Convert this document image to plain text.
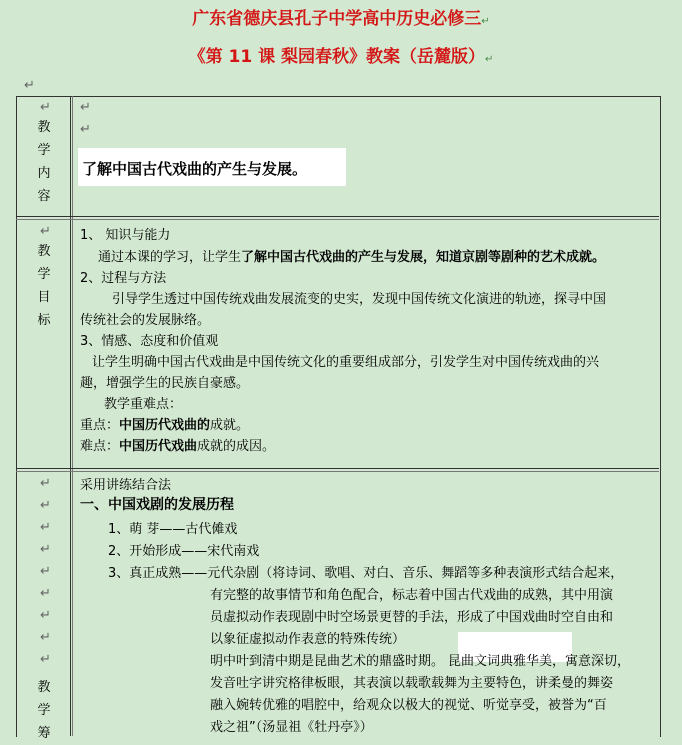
广东省德庆县孔子中学高中历史必修三↵
《第 11 课 梨园春秋》教案（岳麓版）↵
↵
↵ ↵
教
学
内
容
↵
了解中国古代戏曲的产生与发展。
↵
教
学
目
标
1、 知识与能力
通过本课的学习，让学生了解中国古代戏曲的产生与发展，知道京剧等剧种的艺术成就。
2、过程与方法
引导学生透过中国传统戏曲发展流变的史实，发现中国传统文化演进的轨迹，探寻中国
传统社会的发展脉络。
3、情感、态度和价值观
让学生明确中国古代戏曲是中国传统文化的重要组成部分，引发学生对中国传统戏曲的兴
趣，增强学生的民族自豪感。
教学重难点：
重点：中国历代戏曲的成就。
难点：中国历代戏曲成就的成因。
↵
↵
↵
↵
↵
↵
↵
↵
↵
教
学
筹
采用讲练结合法
一、中国戏剧的发展历程
1、萌 芽——古代傩戏
2、开始形成——宋代南戏
3、真正成熟——元代杂剧（将诗词、歌唱、对白、音乐、舞蹈等多种表演形式结合起来，
有完整的故事情节和角色配合，标志着中国古代戏曲的成熟，其中用演
员虚拟动作表现剧中时空场景更替的手法，形成了中国戏曲时空自由和
以象征虚拟动作表意的特殊传统）
明中叶到清中期是昆曲艺术的鼎盛时期。 昆曲文词典雅华美，寓意深切，
发音吐字讲究格律板眼，其表演以载歌载舞为主要特色，讲柔曼的舞姿
融入婉转优雅的唱腔中，给观众以极大的视觉、听觉享受，被誉为“百
戏之祖”（汤显祖《牡丹亭》）
